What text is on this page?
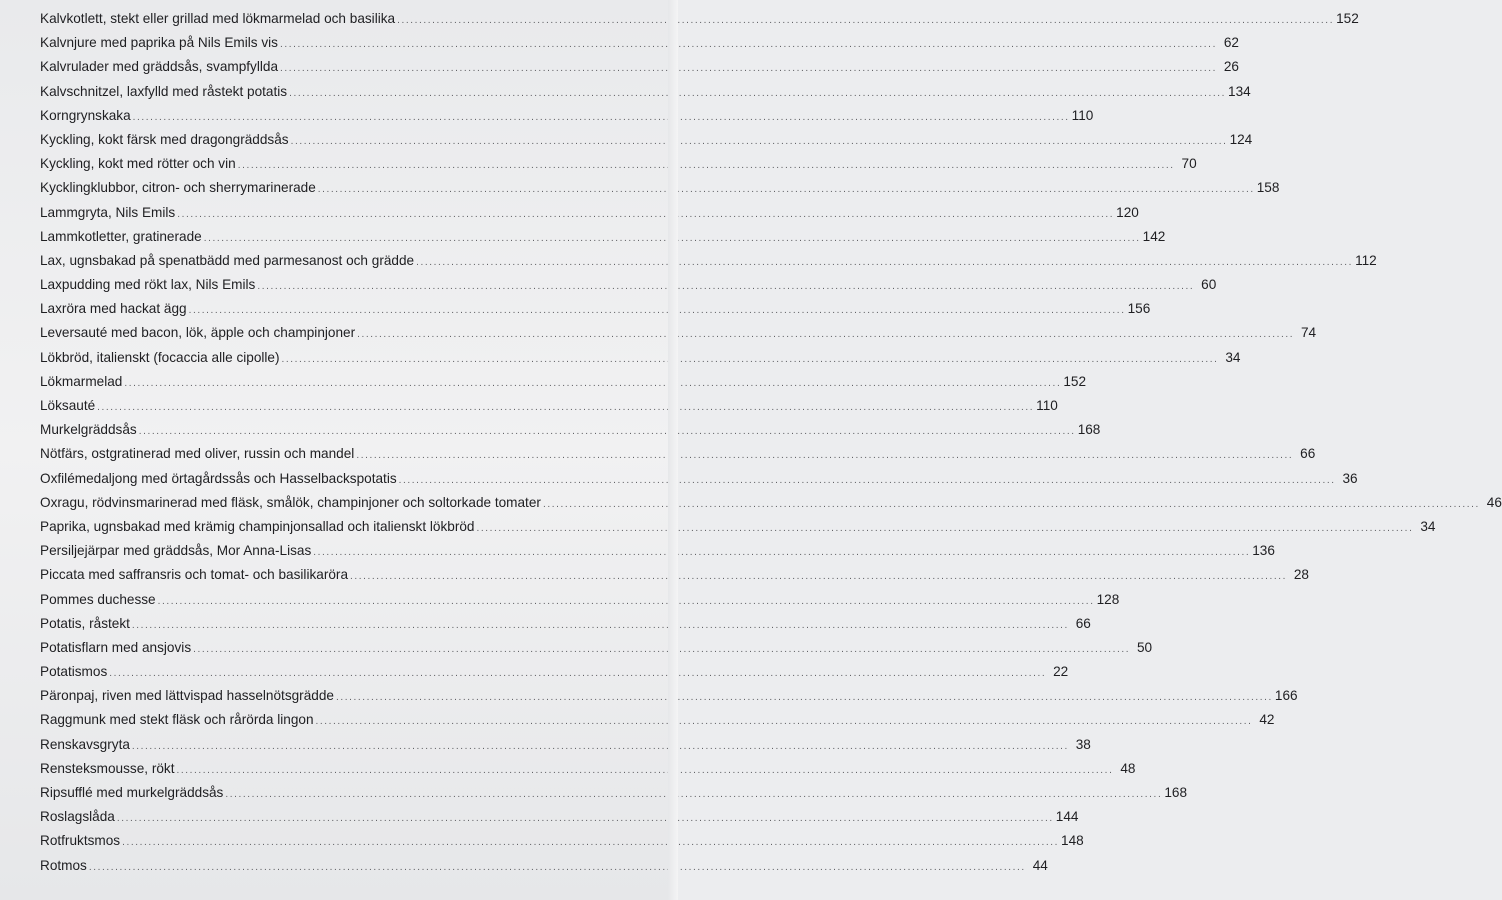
Kalvkotlett, stekt eller grillad med lökmarmelad och basilika .....	152
Kalvnjure med paprika på Nils Emils vis .....	62
Kalvrulader med gräddsås, svampfyllda .....	26
Kalvschnitzel, laxfylld med råstekt potatis .....	134
Korngrynskaka .....	110
Kyckling, kokt färsk med dragongräddsås .....	124
Kyckling, kokt med rötter och vin .....	70
Kycklingklubbor, citron- och sherrymarinerade .....	158
Lammgryta, Nils Emils .....	120
Lammkotletter, gratinerade .....	142
Lax, ugnsbakad på spenatbädd med parmesanost och grädde .....	112
Laxpudding med rökt lax, Nils Emils .....	60
Laxröra med hackat ägg .....	156
Leversauté med bacon, lök, äpple och champinjoner .....	74
Lökbröd, italienskt (focaccia alle cipolle) .....	34
Lökmarmelad .....	152
Löksauté .....	110
Murkelgräddsås .....	168
Nötfärs, ostgratinerad med oliver, russin och mandel .....	66
Oxfilémedaljong med örtagårdssås och Hasselbackspotatis .....	36
Oxragu, rödvinsmarinerad med fläsk, smålök, champinjoner och soltorkade tomater .....	46
Paprika, ugnsbakad med krämig champinjonsallad och italienskt lökbröd .....	34
Persiljejärpar med gräddsås, Mor Anna-Lisas .....	136
Piccata med saffransris och tomat- och basilikaröra .....	28
Pommes duchesse .....	128
Potatis, råstekt .....	66
Potatisflarn med ansjovis .....	50
Potatismos .....	22
Päronpaj, riven med lättvispad hasselnötsgrädde .....	166
Raggmunk med stekt fläsk och rårörda lingon .....	42
Renskavsgryta .....	38
Rensteksmousse, rökt .....	48
Ripsufflé med murkelgräddsås .....	168
Roslagslåda .....	144
Rotfruktsmos .....	148
Rotmos .....	44
